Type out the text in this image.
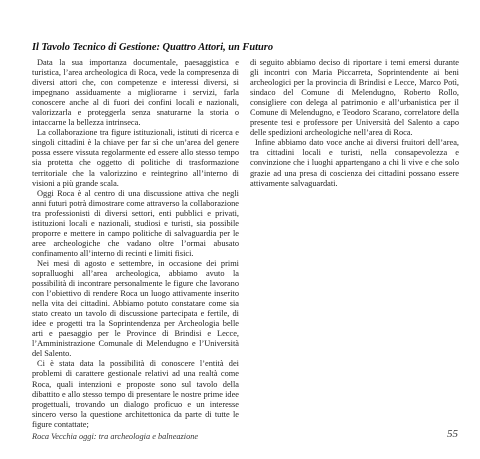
Il Tavolo Tecnico di Gestione: Quattro Attori, un Futuro

Data la sua importanza documentale, paesaggistica e turistica, l’area archeologica di Roca, vede la compresenza di diversi attori che, con competenze e interessi diversi, si impegnano assiduamente a migliorarne i servizi, farla conoscere anche al di fuori dei confini locali e nazionali, valorizzarla e proteggerla senza snaturarne la storia o intaccarne la bellezza intrinseca.

La collaborazione tra figure istituzionali, istituti di ricerca e singoli cittadini è la chiave per far sì che un’area del genere possa essere vissuta regolarmente ed essere allo stesso tempo sia protetta che oggetto di politiche di trasformazione territoriale che la valorizzino e reintegrino all’interno di visioni a più grande scala.

Oggi Roca è al centro di una discussione attiva che negli anni futuri potrà dimostrare come attraverso la collaborazione tra professionisti di diversi settori, enti pubblici e privati, istituzioni locali e nazionali, studiosi e turisti, sia possibile proporre e mettere in campo politiche di salvaguardia per le aree archeologiche che vadano oltre l’ormai abusato confinamento all’interno di recinti e limiti fisici.

Nei mesi di agosto e settembre, in occasione dei primi sopralluoghi all’area archeologica, abbiamo avuto la possibilità di incontrare personalmente le figure che lavorano con l’obiettivo di rendere Roca un luogo attivamente inserito nella vita dei cittadini. Abbiamo potuto constatare come sia stato creato un tavolo di discussione partecipata e fertile, di idee e progetti tra la Soprintendenza per Archeologia belle arti e paesaggio per le Province di Brindisi e Lecce, l’Amministrazione Comunale di Melendugno e l’Università del Salento.

Ci è stata data la possibilità di conoscere l’entità dei problemi di carattere gestionale relativi ad una realtà come Roca, quali intenzioni e proposte sono sul tavolo della dibattito e allo stesso tempo di presentare le nostre prime idee progettuali, trovando un dialogo proficuo e un interesse sincero verso la questione architettonica da parte di tutte le figure contattate;

di seguito abbiamo deciso di riportare i temi emersi durante gli incontri con Maria Piccarreta, Soprintendente ai beni archeologici per la provincia di Brindisi e Lecce, Marco Potì, sindaco del Comune di Melendugno, Roberto Rollo, consigliere con delega al patrimonio e all’urbanistica per il Comune di Melendugno, e Teodoro Scarano, correlatore della presente tesi e professore per Università del Salento a capo delle spedizioni archeologiche nell’area di Roca.

Infine abbiamo dato voce anche ai diversi fruitori dell’area, tra cittadini locali e turisti, nella consapevolezza e convinzione che i luoghi appartengano a chi li vive e che solo grazie ad una presa di coscienza dei cittadini possano essere attivamente salvaguardati.

Roca Vecchia oggi: tra archeologia e balneazione	55
